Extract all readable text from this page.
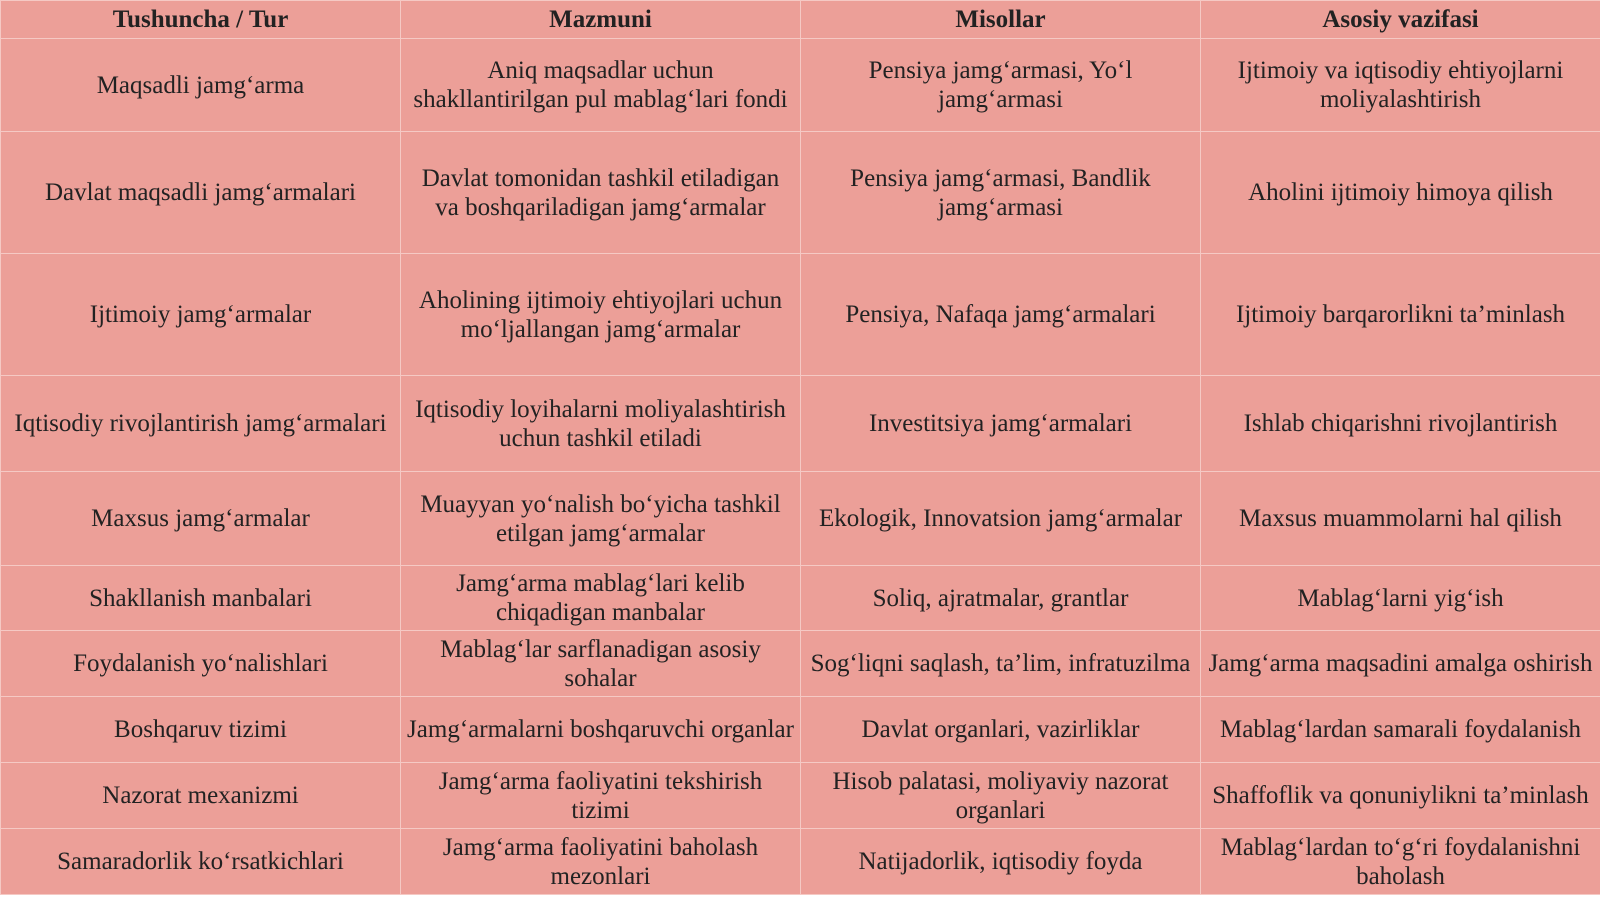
Tushuncha / Tur	Mazmuni	Misollar	Asosiy vazifasi
Maqsadli jamg‘arma	Aniq maqsadlar uchun shakllantirilgan pul mablag‘lari fondi	Pensiya jamg‘armasi, Yo‘l jamg‘armasi	Ijtimoiy va iqtisodiy ehtiyojlarni moliyalashtirish
Davlat maqsadli jamg‘armalari	Davlat tomonidan tashkil etiladigan va boshqariladigan jamg‘armalar	Pensiya jamg‘armasi, Bandlik jamg‘armasi	Aholini ijtimoiy himoya qilish
Ijtimoiy jamg‘armalar	Aholining ijtimoiy ehtiyojlari uchun mo‘ljallangan jamg‘armalar	Pensiya, Nafaqa jamg‘armalari	Ijtimoiy barqarorlikni ta’minlash
Iqtisodiy rivojlantirish jamg‘armalari	Iqtisodiy loyihalarni moliyalashtirish uchun tashkil etiladi	Investitsiya jamg‘armalari	Ishlab chiqarishni rivojlantirish
Maxsus jamg‘armalar	Muayyan yo‘nalish bo‘yicha tashkil etilgan jamg‘armalar	Ekologik, Innovatsion jamg‘armalar	Maxsus muammolarni hal qilish
Shakllanish manbalari	Jamg‘arma mablag‘lari kelib chiqadigan manbalar	Soliq, ajratmalar, grantlar	Mablag‘larni yig‘ish
Foydalanish yo‘nalishlari	Mablag‘lar sarflanadigan asosiy sohalar	Sog‘liqni saqlash, ta’lim, infratuzilma	Jamg‘arma maqsadini amalga oshirish
Boshqaruv tizimi	Jamg‘armalarni boshqaruvchi organlar	Davlat organlari, vazirliklar	Mablag‘lardan samarali foydalanish
Nazorat mexanizmi	Jamg‘arma faoliyatini tekshirish tizimi	Hisob palatasi, moliyaviy nazorat organlari	Shaffoflik va qonuniylikni ta’minlash
Samaradorlik ko‘rsatkichlari	Jamg‘arma faoliyatini baholash mezonlari	Natijadorlik, iqtisodiy foyda	Mablag‘lardan to‘g‘ri foydalanishni baholash
